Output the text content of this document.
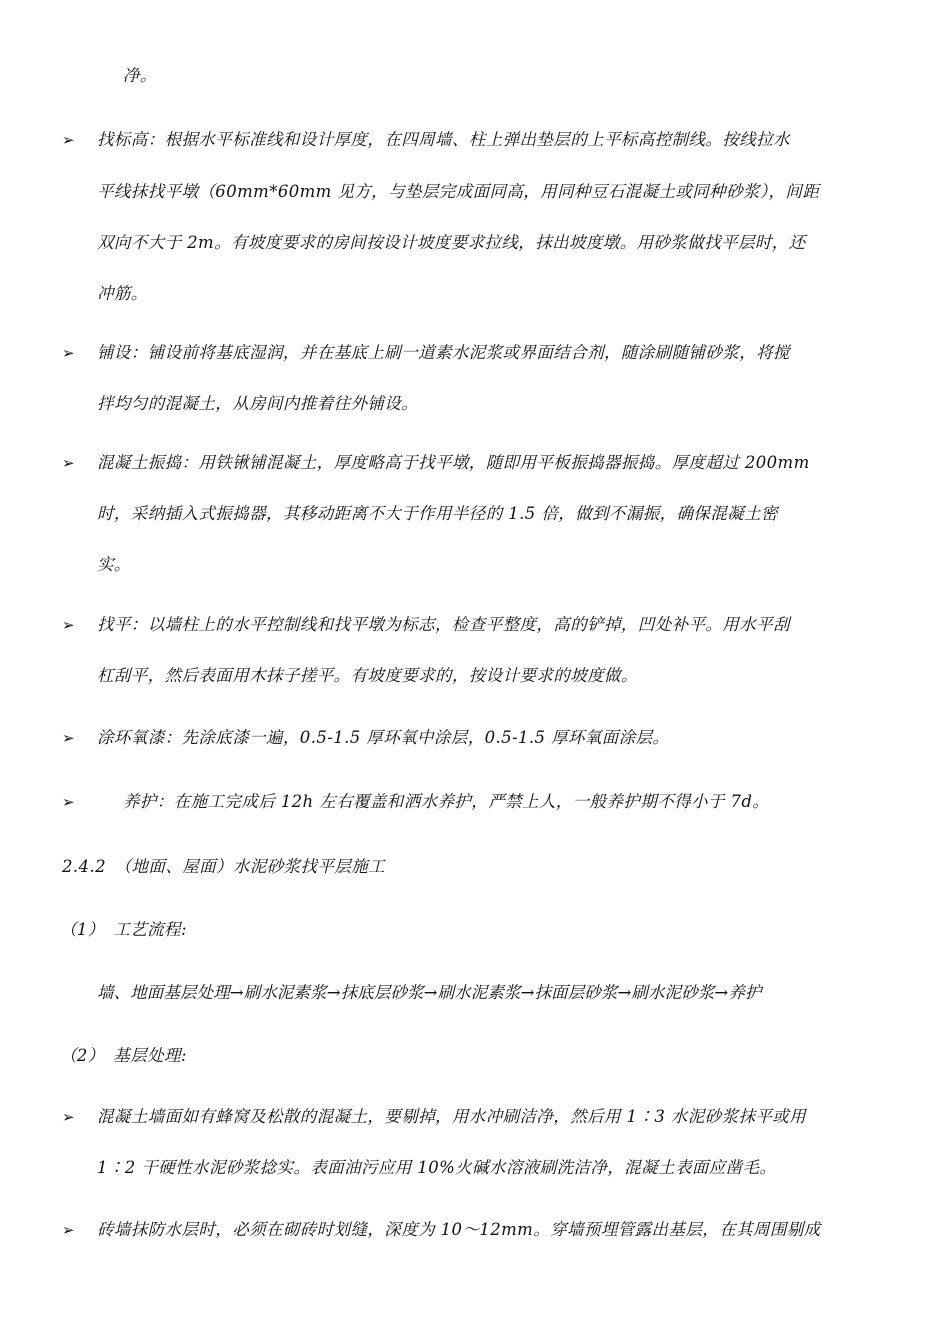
净。
➢ 找标高：根据水平标准线和设计厚度，在四周墙、柱上弹出垫层的上平标高控制线。按线拉水
平线抹找平墩（60mm*60mm 见方，与垫层完成面同高，用同种豆石混凝土或同种砂浆），间距
双向不大于 2m。有坡度要求的房间按设计坡度要求拉线，抹出坡度墩。用砂浆做找平层时，还
冲筋。
➢ 铺设：铺设前将基底湿润，并在基底上刷一道素水泥浆或界面结合剂，随涂刷随铺砂浆，将搅
拌均匀的混凝土，从房间内推着往外铺设。
➢ 混凝土振捣：用铁锹铺混凝土，厚度略高于找平墩，随即用平板振捣器振捣。厚度超过 200mm
时，采纳插入式振捣器，其移动距离不大于作用半径的 1.5 倍，做到不漏振，确保混凝土密
实。
➢ 找平：以墙柱上的水平控制线和找平墩为标志，检查平整度，高的铲掉，凹处补平。用水平刮
杠刮平，然后表面用木抹子搓平。有坡度要求的，按设计要求的坡度做。
➢ 涂环氧漆：先涂底漆一遍，0.5-1.5 厚环氧中涂层，0.5-1.5 厚环氧面涂层。
➢	养护：在施工完成后 12h 左右覆盖和洒水养护，严禁上人，一般养护期不得小于 7d。
2.4.2　（地面、屋面）水泥砂浆找平层施工
（1）　工艺流程:
墙、地面基层处理→刷水泥素浆→抹底层砂浆→刷水泥素浆→抹面层砂浆→刷水泥砂浆→养护
（2）　基层处理:
➢ 混凝土墙面如有蜂窝及松散的混凝土，要剔掉，用水冲刷洁净，然后用 1∶3 水泥砂浆抹平或用
1∶2 干硬性水泥砂浆捻实。表面油污应用 10%火碱水溶液刷洗洁净，混凝土表面应凿毛。
➢ 砖墙抹防水层时，必须在砌砖时划缝，深度为 10～12mm。穿墙预埋管露出基层，在其周围剔成
